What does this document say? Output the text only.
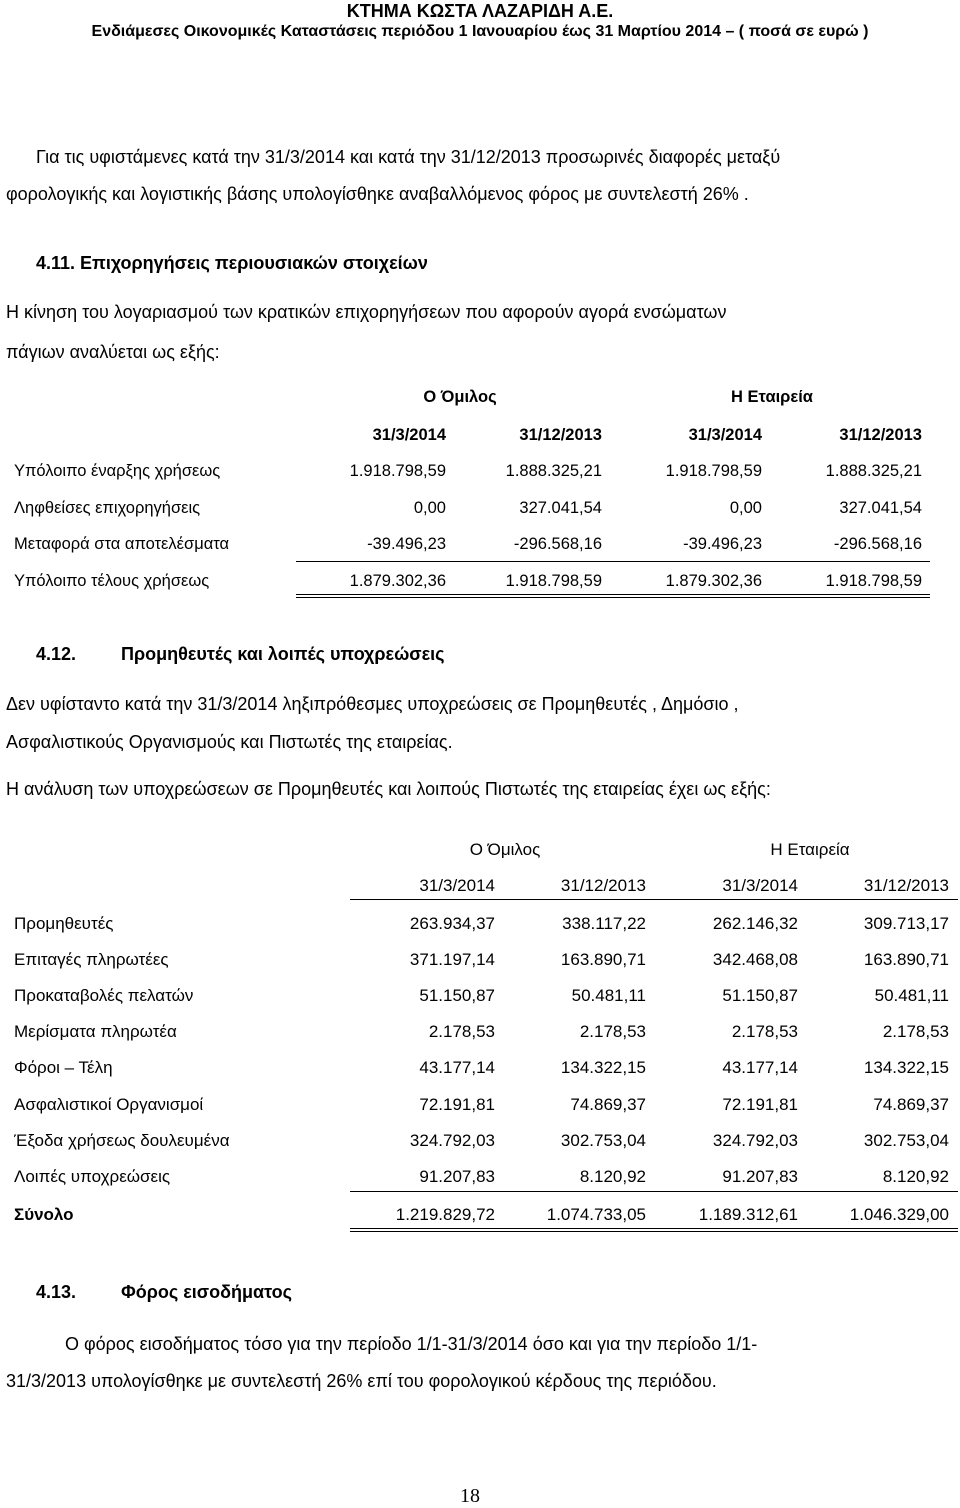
ΚΤΗΜΑ ΚΩΣΤΑ ΛΑΖΑΡΙΔΗ Α.Ε.
Ενδιάμεσες Οικονομικές Καταστάσεις περιόδου 1 Ιανουαρίου έως 31 Μαρτίου 2014 – ( ποσά σε ευρώ )
Για τις υφιστάμενες κατά την 31/3/2014 και κατά την 31/12/2013 προσωρινές διαφορές μεταξύ
φορολογικής και λογιστικής βάσης υπολογίσθηκε αναβαλλόμενος φόρος με συντελεστή 26% .
4.11. Επιχορηγήσεις περιουσιακών στοιχείων
Η κίνηση του λογαριασμού των κρατικών επιχορηγήσεων που αφορούν αγορά ενσώματων
πάγιων αναλύεται ως εξής:
Ο Όμιλος	Η Εταιρεία
31/3/2014	31/12/2013	31/3/2014	31/12/2013
Υπόλοιπο έναρξης χρήσεως	1.918.798,59	1.888.325,21	1.918.798,59	1.888.325,21
Ληφθείσες επιχορηγήσεις	0,00	327.041,54	0,00	327.041,54
Μεταφορά στα αποτελέσματα	-39.496,23	-296.568,16	-39.496,23	-296.568,16
Υπόλοιπο τέλους χρήσεως	1.879.302,36	1.918.798,59	1.879.302,36	1.918.798,59
4.12. Προμηθευτές και λοιπές υποχρεώσεις
Δεν υφίσταντο κατά την 31/3/2014 ληξιπρόθεσμες υποχρεώσεις σε Προμηθευτές , Δημόσιο ,
Ασφαλιστικούς Οργανισμούς και Πιστωτές της εταιρείας.
Η ανάλυση των υποχρεώσεων σε Προμηθευτές και λοιπούς Πιστωτές της εταιρείας έχει ως εξής:
Ο Όμιλος	Η Εταιρεία
31/3/2014	31/12/2013	31/3/2014	31/12/2013
Προμηθευτές	263.934,37	338.117,22	262.146,32	309.713,17
Επιταγές πληρωτέες	371.197,14	163.890,71	342.468,08	163.890,71
Προκαταβολές πελατών	51.150,87	50.481,11	51.150,87	50.481,11
Μερίσματα πληρωτέα	2.178,53	2.178,53	2.178,53	2.178,53
Φόροι – Τέλη	43.177,14	134.322,15	43.177,14	134.322,15
Ασφαλιστικοί Οργανισμοί	72.191,81	74.869,37	72.191,81	74.869,37
Έξοδα χρήσεως δουλευμένα	324.792,03	302.753,04	324.792,03	302.753,04
Λοιπές υποχρεώσεις	91.207,83	8.120,92	91.207,83	8.120,92
Σύνολο	1.219.829,72	1.074.733,05	1.189.312,61	1.046.329,00
4.13. Φόρος εισοδήματος
Ο φόρος εισοδήματος τόσο για την περίοδο 1/1-31/3/2014 όσο και για την περίοδο 1/1-
31/3/2013 υπολογίσθηκε με συντελεστή 26% επί του φορολογικού κέρδους της περιόδου.
18
